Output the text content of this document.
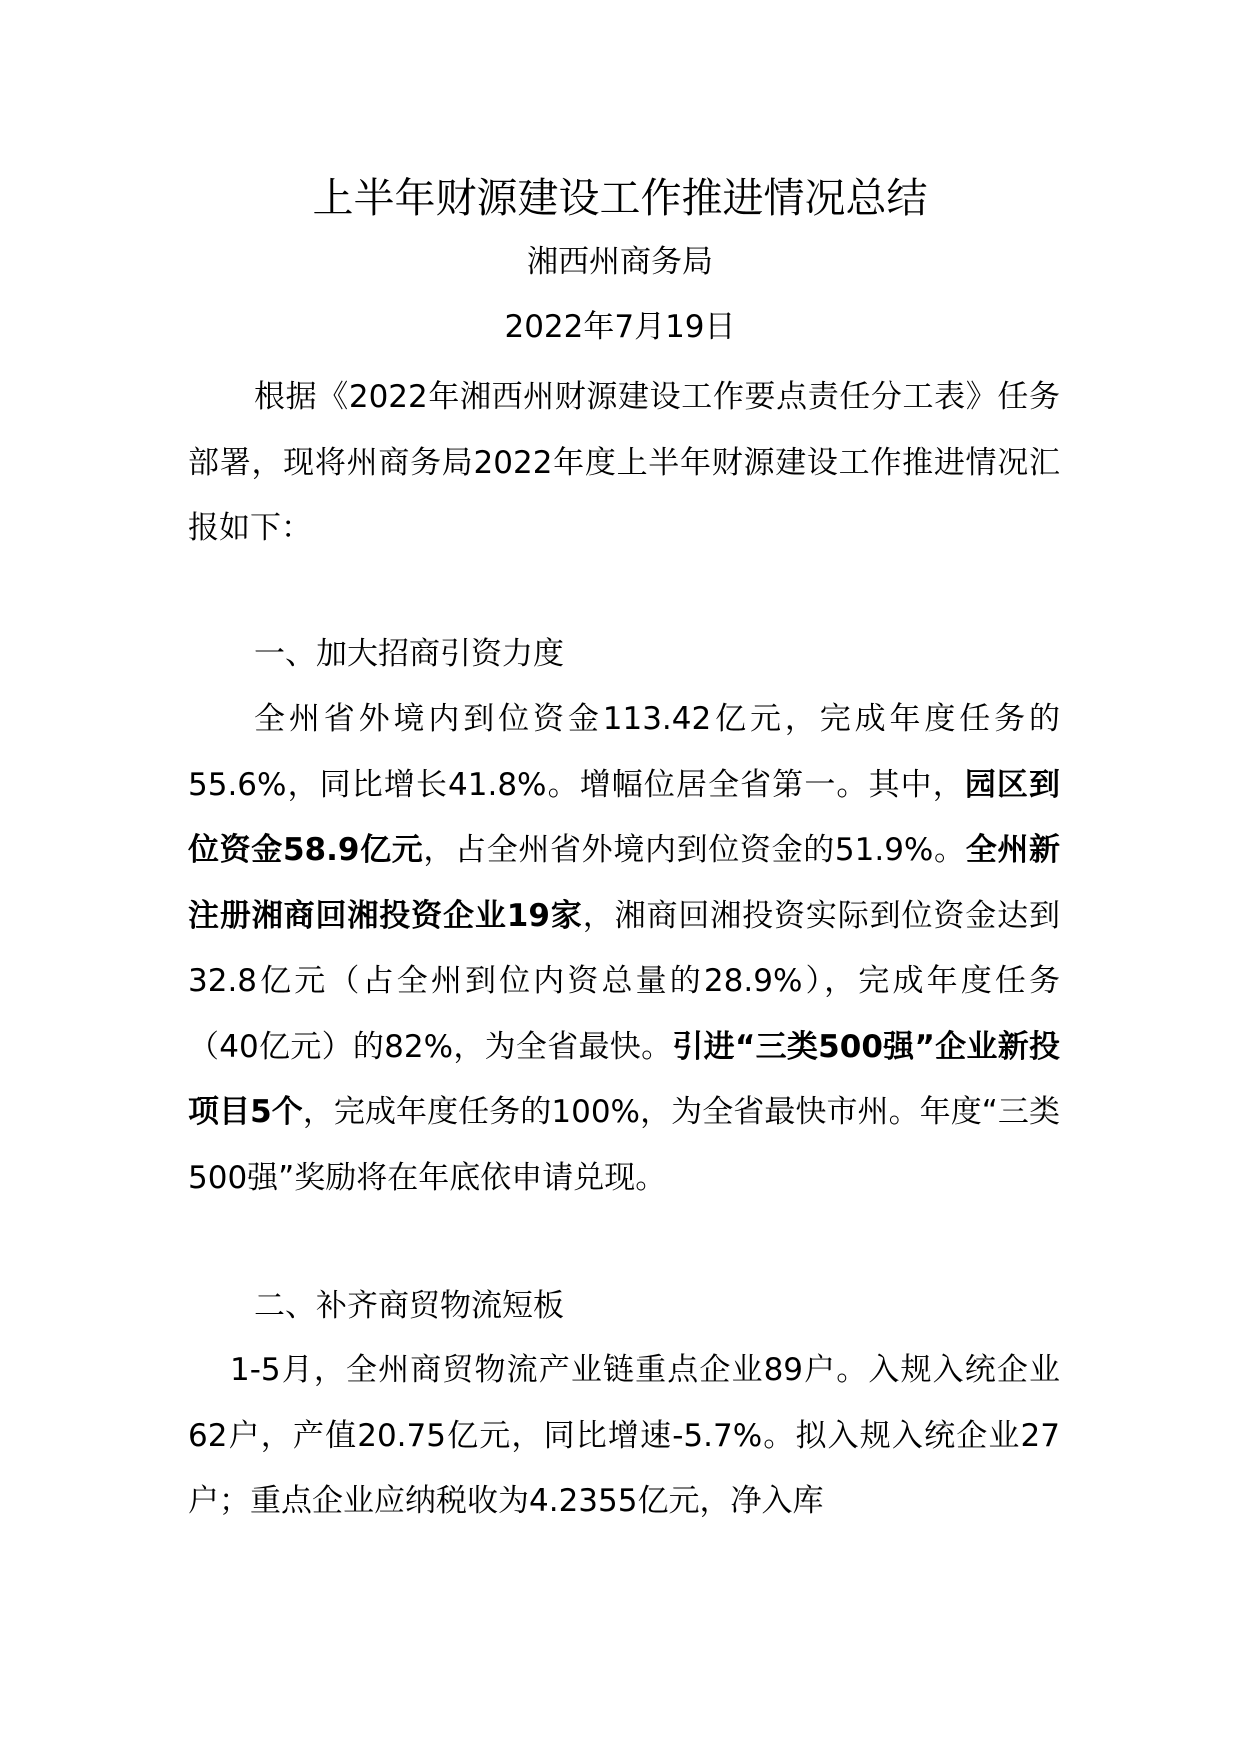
上半年财源建设工作推进情况总结

湘西州商务局

2022年7月19日

根据《2022年湘西州财源建设工作要点责任分工表》任务部署，现将州商务局2022年度上半年财源建设工作推进情况汇报如下：

一、加大招商引资力度

全州省外境内到位资金113.42亿元，完成年度任务的55.6%，同比增长41.8%。增幅位居全省第一。其中，园区到位资金58.9亿元，占全州省外境内到位资金的51.9%。全州新注册湘商回湘投资企业19家，湘商回湘投资实际到位资金达到32.8亿元（占全州到位内资总量的28.9%），完成年度任务（40亿元）的82%，为全省最快。引进“三类500强”企业新投项目5个，完成年度任务的100%，为全省最快市州。年度“三类500强”奖励将在年底依申请兑现。

二、补齐商贸物流短板

1-5月，全州商贸物流产业链重点企业89户。入规入统企业62户，产值20.75亿元，同比增速-5.7%。拟入规入统企业27户；重点企业应纳税收为4.2355亿元，净入库
